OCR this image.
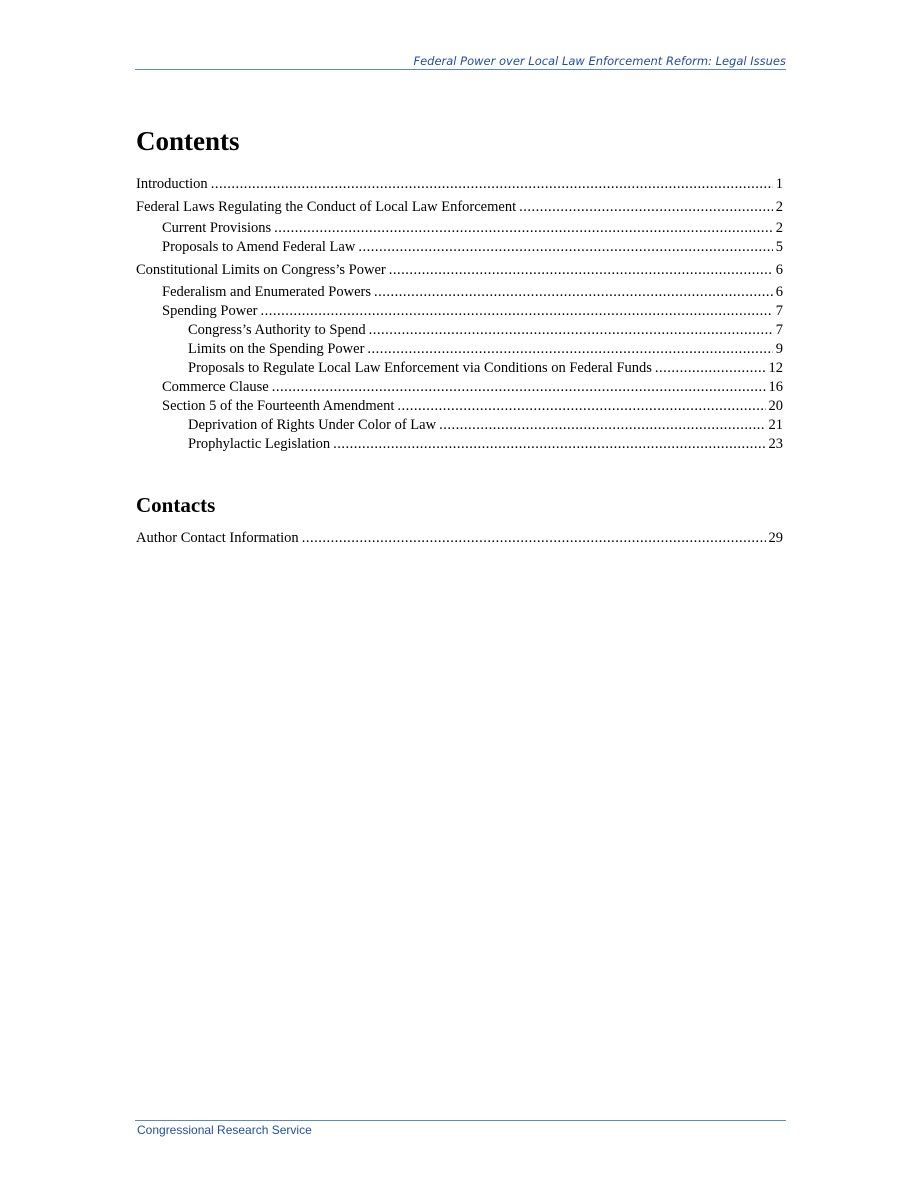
Federal Power over Local Law Enforcement Reform: Legal Issues
Contents
Introduction .....	1
Federal Laws Regulating the Conduct of Local Law Enforcement .....	2
Current Provisions .....	2
Proposals to Amend Federal Law .....	5
Constitutional Limits on Congress’s Power .....	6
Federalism and Enumerated Powers .....	6
Spending Power .....	7
Congress’s Authority to Spend .....	7
Limits on the Spending Power .....	9
Proposals to Regulate Local Law Enforcement via Conditions on Federal Funds .....	12
Commerce Clause .....	16
Section 5 of the Fourteenth Amendment .....	20
Deprivation of Rights Under Color of Law .....	21
Prophylactic Legislation .....	23
Contacts
Author Contact Information .....	29
Congressional Research Service
